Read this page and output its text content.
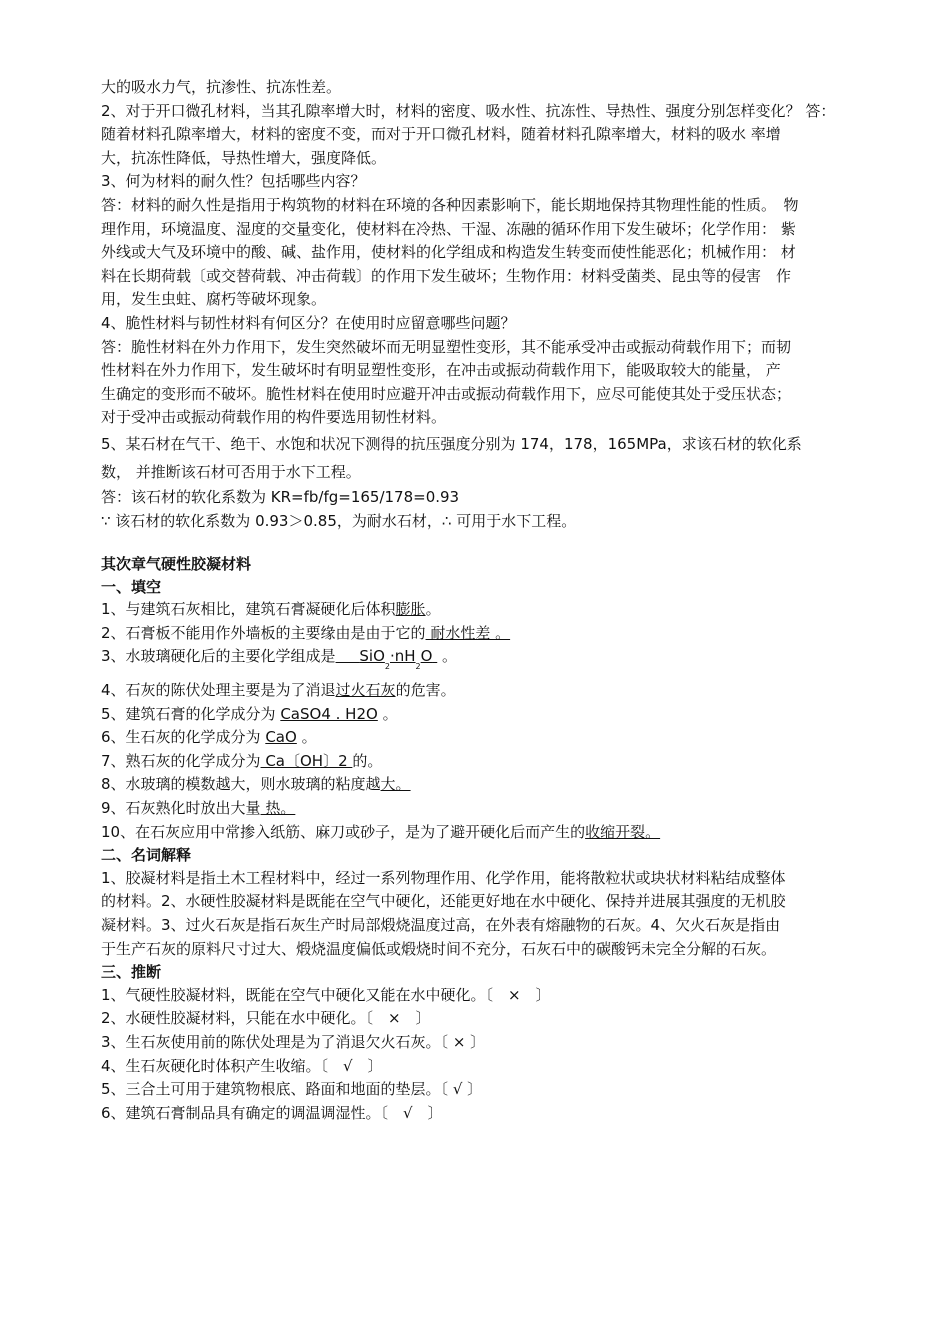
大的吸水力气，抗渗性、抗冻性差。

2、对于开口微孔材料，当其孔隙率增大时，材料的密度、吸水性、抗冻性、导热性、强度分别怎样变化？ 答：

随着材料孔隙率增大，材料的密度不变，而对于开口微孔材料，随着材料孔隙率增大，材料的吸水 率增

大，抗冻性降低，导热性增大，强度降低。

3、何为材料的耐久性？包括哪些内容？

答：材料的耐久性是指用于构筑物的材料在环境的各种因素影响下，能长期地保持其物理性能的性质。　物

理作用，环境温度、湿度的交量变化，使材料在冷热、干湿、冻融的循环作用下发生破坏；化学作用： 紫

外线或大气及环境中的酸、碱、盐作用，使材料的化学组成和构造发生转变而使性能恶化；机械作用： 材

料在长期荷载〔或交替荷载、冲击荷载〕的作用下发生破坏；生物作用：材料受菌类、昆虫等的侵害　作

用，发生虫蛀、腐朽等破坏现象。

4、脆性材料与韧性材料有何区分？在使用时应留意哪些问题？

答：脆性材料在外力作用下，发生突然破坏而无明显塑性变形，其不能承受冲击或振动荷载作用下；而韧

性材料在外力作用下，发生破坏时有明显塑性变形，在冲击或振动荷载作用下，能吸取较大的能量， 产

生确定的变形而不破坏。脆性材料在使用时应避开冲击或振动荷载作用下，应尽可能使其处于受压状态；

对于受冲击或振动荷载作用的构件要选用韧性材料。

5、某石材在气干、绝干、水饱和状况下测得的抗压强度分别为 174，178，165MPa，求该石材的软化系

数， 并推断该石材可否用于水下工程。

答：该石材的软化系数为 KR=fb/fg=165/178=0.93

∵ 该石材的软化系数为 0.93＞0.85，为耐水石材，∴ 可用于水下工程。

其次章气硬性胶凝材料

一、填空

1、与建筑石灰相比，建筑石膏凝硬化后体积膨胀。

2、石膏板不能用作外墙板的主要缘由是由于它的 耐水性差 。

3、水玻璃硬化后的主要化学组成是 $SiO_2\cdot nH_2O$  。

4、石灰的陈伏处理主要是为了消退过火石灰的危害。

5、建筑石膏的化学成分为 CaSO4 . H2O 。

6、生石灰的化学成分为 CaO 。

7、熟石灰的化学成分为 Ca〔OH〕2 的。

8、水玻璃的模数越大，则水玻璃的粘度越大。

9、石灰熟化时放出大量 热。

10、在石灰应用中常掺入纸筋、麻刀或砂子，是为了避开硬化后而产生的收缩开裂。

二、名词解释

1、胶凝材料是指土木工程材料中，经过一系列物理作用、化学作用，能将散粒状或块状材料粘结成整体

的材料。2、水硬性胶凝材料是既能在空气中硬化，还能更好地在水中硬化、保持并进展其强度的无机胶

凝材料。3、过火石灰是指石灰生产时局部煅烧温度过高，在外表有熔融物的石灰。4、欠火石灰是指由

于生产石灰的原料尺寸过大、煅烧温度偏低或煅烧时间不充分，石灰石中的碳酸钙未完全分解的石灰。

三、推断

1、气硬性胶凝材料，既能在空气中硬化又能在水中硬化。〔　×　〕

2、水硬性胶凝材料，只能在水中硬化。〔　×　〕

3、生石灰使用前的陈伏处理是为了消退欠火石灰。〔 × 〕

4、生石灰硬化时体积产生收缩。〔　√　〕

5、三合土可用于建筑物根底、路面和地面的垫层。〔 √ 〕

6、建筑石膏制品具有确定的调温调湿性。〔　√　〕
